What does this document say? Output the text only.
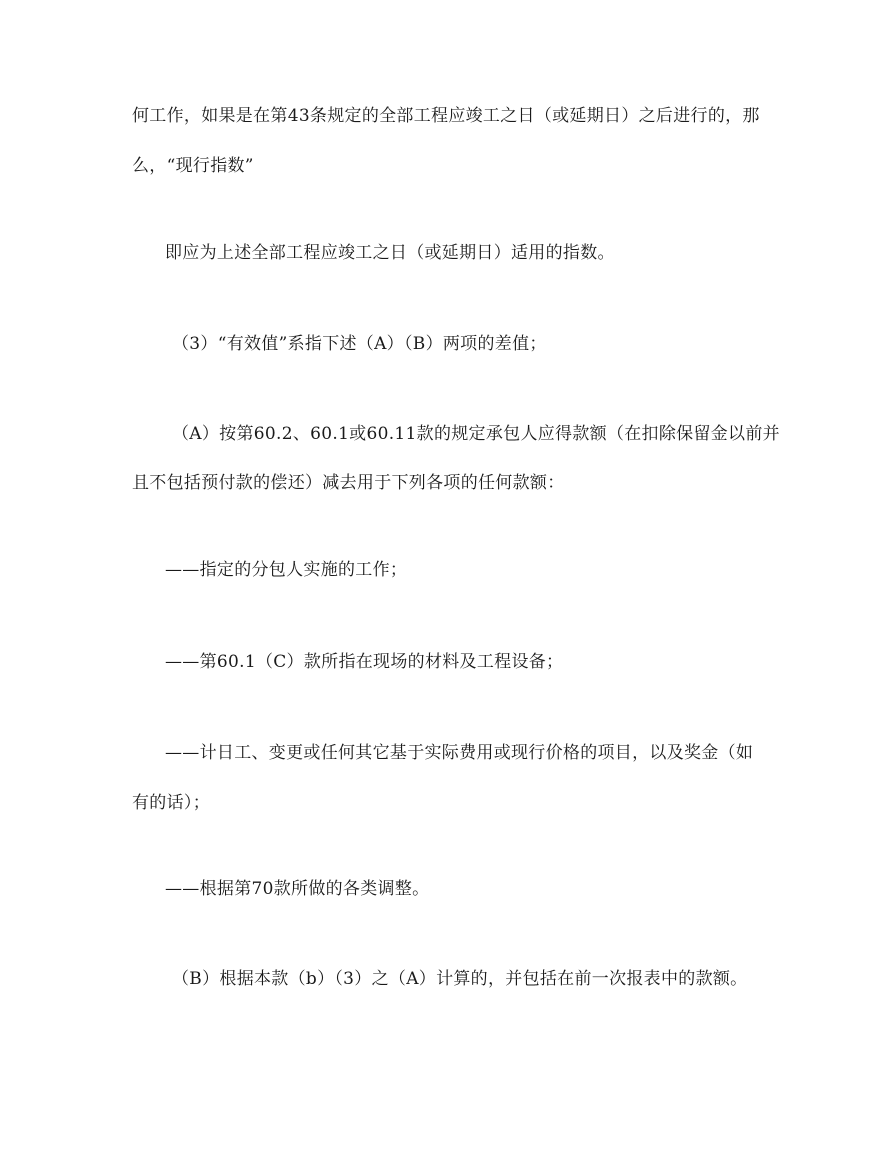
何工作，如果是在第43条规定的全部工程应竣工之日（或延期日）之后进行的，那
么，“现行指数”
即应为上述全部工程应竣工之日（或延期日）适用的指数。
（3）“有效值”系指下述（A）（B）两项的差值；
（A）按第60.2、60.1或60.11款的规定承包人应得款额（在扣除保留金以前并
且不包括预付款的偿还）减去用于下列各项的任何款额：
——指定的分包人实施的工作；
——第60.1（C）款所指在现场的材料及工程设备；
——计日工、变更或任何其它基于实际费用或现行价格的项目，以及奖金（如
有的话）；
——根据第70款所做的各类调整。
（B）根据本款（b）（3）之（A）计算的，并包括在前一次报表中的款额。
